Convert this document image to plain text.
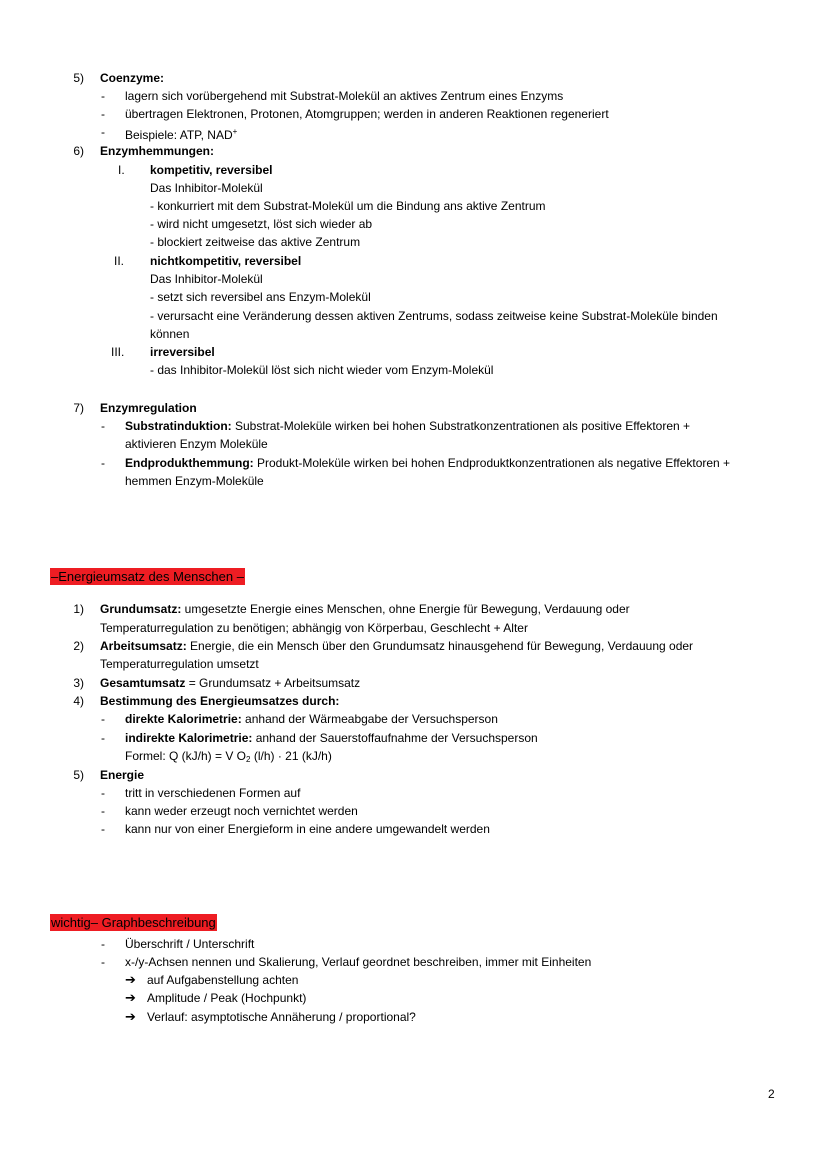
5) Coenzyme:
- lagern sich vorübergehend mit Substrat-Molekül an aktives Zentrum eines Enzyms
- übertragen Elektronen, Protonen, Atomgruppen; werden in anderen Reaktionen regeneriert
- Beispiele: ATP, NAD+
6) Enzymhemmungen:
I. kompetitiv, reversibel
Das Inhibitor-Molekül
- konkurriert mit dem Substrat-Molekül um die Bindung ans aktive Zentrum
- wird nicht umgesetzt, löst sich wieder ab
- blockiert zeitweise das aktive Zentrum
II. nichtkompetitiv, reversibel
Das Inhibitor-Molekül
- setzt sich reversibel ans Enzym-Molekül
- verursacht eine Veränderung dessen aktiven Zentrums, sodass zeitweise keine Substrat-Moleküle binden
können
III. irreversibel
- das Inhibitor-Molekül löst sich nicht wieder vom Enzym-Molekül
7) Enzymregulation
- Substratinduktion: Substrat-Moleküle wirken bei hohen Substratkonzentrationen als positive Effektoren +
aktivieren Enzym Moleküle
- Endprodukthemmung: Produkt-Moleküle wirken bei hohen Endproduktkonzentrationen als negative Effektoren +
hemmen Enzym-Moleküle
–Energieumsatz des Menschen –
1) Grundumsatz: umgesetzte Energie eines Menschen, ohne Energie für Bewegung, Verdauung oder
Temperaturregulation zu benötigen; abhängig von Körperbau, Geschlecht + Alter
2) Arbeitsumsatz: Energie, die ein Mensch über den Grundumsatz hinausgehend für Bewegung, Verdauung oder
Temperaturregulation umsetzt
3) Gesamtumsatz = Grundumsatz + Arbeitsumsatz
4) Bestimmung des Energieumsatzes durch:
- direkte Kalorimetrie: anhand der Wärmeabgabe der Versuchsperson
- indirekte Kalorimetrie: anhand der Sauerstoffaufnahme der Versuchsperson
Formel: Q (kJ/h) = V $O_2$ (l/h) · 21 (kJ/h)
5) Energie
- tritt in verschiedenen Formen auf
- kann weder erzeugt noch vernichtet werden
- kann nur von einer Energieform in eine andere umgewandelt werden
wichtig– Graphbeschreibung
- Überschrift / Unterschrift
- x-/y-Achsen nennen und Skalierung, Verlauf geordnet beschreiben, immer mit Einheiten
➔ auf Aufgabenstellung achten
➔ Amplitude / Peak (Hochpunkt)
➔ Verlauf: asymptotische Annäherung / proportional?
2
